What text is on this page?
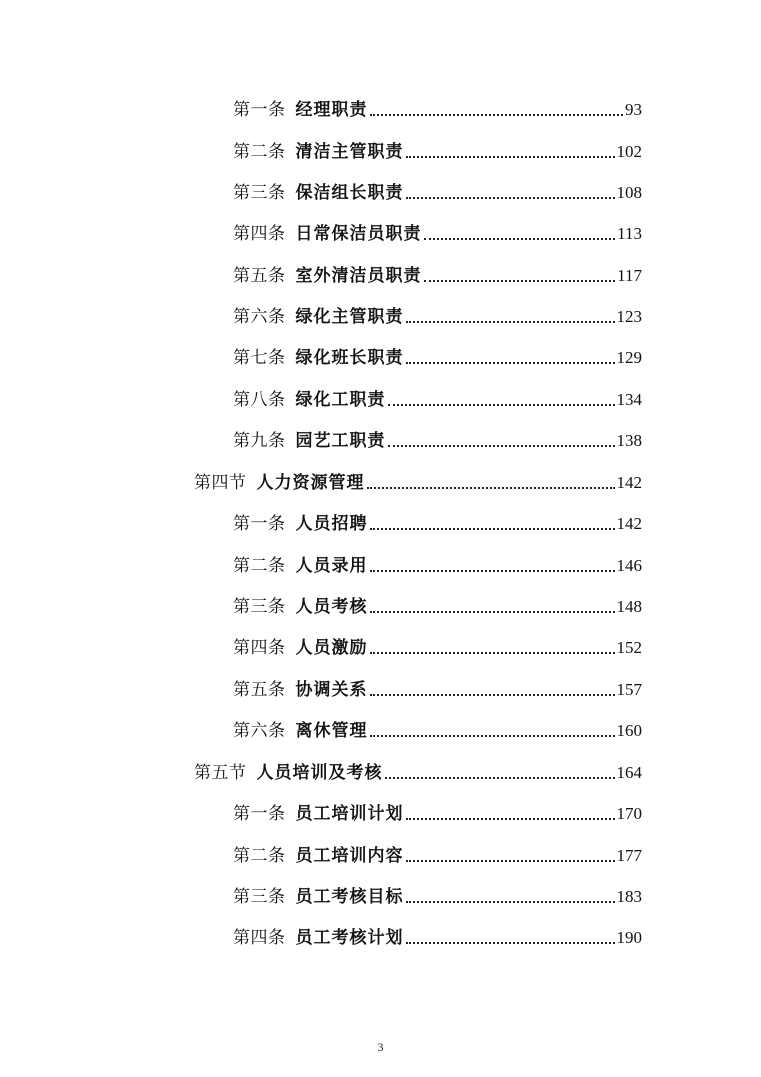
第一条 经理职责	93
第二条 清洁主管职责	102
第三条 保洁组长职责	108
第四条 日常保洁员职责	113
第五条 室外清洁员职责	117
第六条 绿化主管职责	123
第七条 绿化班长职责	129
第八条 绿化工职责	134
第九条 园艺工职责	138
第四节 人力资源管理	142
第一条 人员招聘	142
第二条 人员录用	146
第三条 人员考核	148
第四条 人员激励	152
第五条 协调关系	157
第六条 离休管理	160
第五节 人员培训及考核	164
第一条 员工培训计划	170
第二条 员工培训内容	177
第三条 员工考核目标	183
第四条 员工考核计划	190
3
